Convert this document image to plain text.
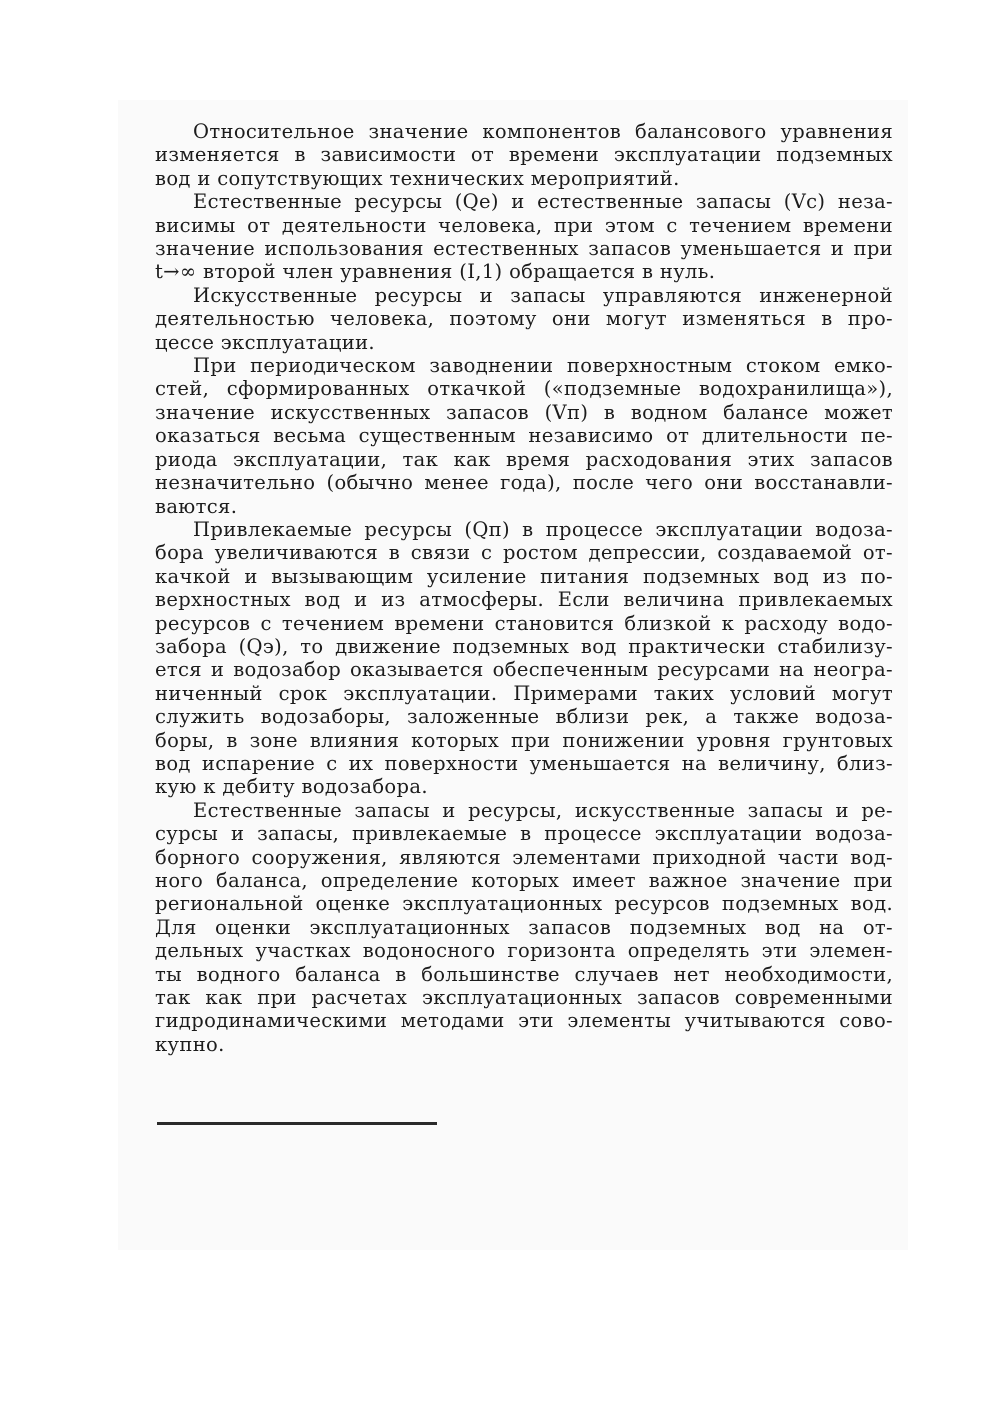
Относительное значение компонентов балансового уравнения
изменяется в зависимости от времени эксплуатации подземных
вод и сопутствующих технических мероприятий.

Естественные ресурсы (Qe) и естественные запасы (Vc) неза-
висимы от деятельности человека, при этом с течением времени
значение использования естественных запасов уменьшается и при
t→∞ второй член уравнения (I,1) обращается в нуль.

Искусственные ресурсы и запасы управляются инженерной
деятельностью человека, поэтому они могут изменяться в про-
цессе эксплуатации.

При периодическом заводнении поверхностным стоком емко-
стей, сформированных откачкой («подземные водохранилища»),
значение искусственных запасов (Vп) в водном балансе может
оказаться весьма существенным независимо от длительности пе-
риода эксплуатации, так как время расходования этих запасов
незначительно (обычно менее года), после чего они восстанавли-
ваются.

Привлекаемые ресурсы (Qп) в процессе эксплуатации водоза-
бора увеличиваются в связи с ростом депрессии, создаваемой от-
качкой и вызывающим усиление питания подземных вод из по-
верхностных вод и из атмосферы. Если величина привлекаемых
ресурсов с течением времени становится близкой к расходу водо-
забора (Qэ), то движение подземных вод практически стабилизу-
ется и водозабор оказывается обеспеченным ресурсами на неогра-
ниченный срок эксплуатации. Примерами таких условий могут
служить водозаборы, заложенные вблизи рек, а также водоза-
боры, в зоне влияния которых при понижении уровня грунтовых
вод испарение с их поверхности уменьшается на величину, близ-
кую к дебиту водозабора.

Естественные запасы и ресурсы, искусственные запасы и ре-
сурсы и запасы, привлекаемые в процессе эксплуатации водоза-
борного сооружения, являются элементами приходной части вод-
ного баланса, определение которых имеет важное значение при
региональной оценке эксплуатационных ресурсов подземных вод.
Для оценки эксплуатационных запасов подземных вод на от-
дельных участках водоносного горизонта определять эти элемен-
ты водного баланса в большинстве случаев нет необходимости,
так как при расчетах эксплуатационных запасов современными
гидродинамическими методами эти элементы учитываются сово-
купно.
